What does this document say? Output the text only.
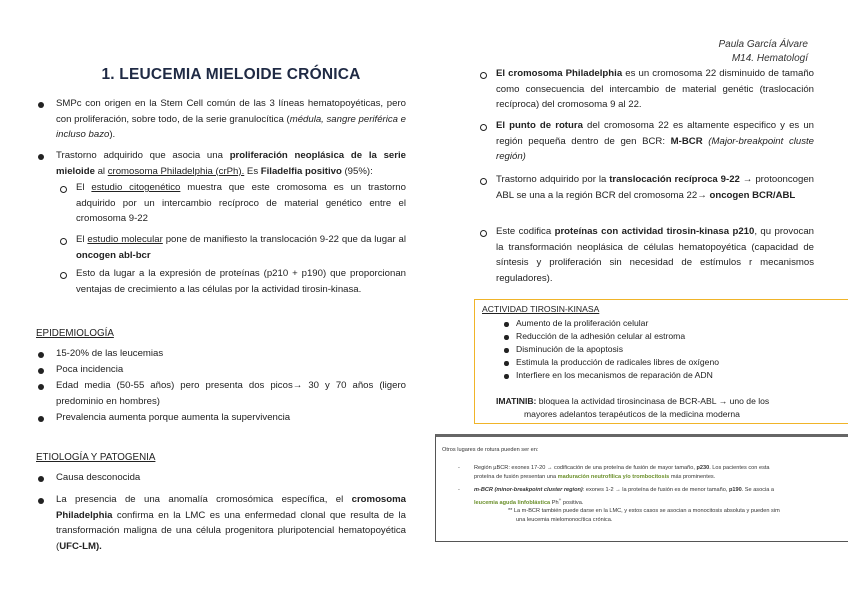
Paula García Álvare
M14. Hematologí
1. LEUCEMIA MIELOIDE CRÓNICA
SMPc con origen en la Stem Cell común de las 3 líneas hematopoyéticas, pero con proliferación, sobre todo, de la serie granulocítica (médula, sangre periférica e incluso bazo).
Trastorno adquirido que asocia una proliferación neoplásica de la serie mieloide al cromosoma Philadelphia (crPh). Es Filadelfia positivo (95%):
El estudio citogenético muestra que este cromosoma es un trastorno adquirido por un intercambio recíproco de material genético entre el cromosoma 9-22
El estudio molecular pone de manifiesto la translocación 9-22 que da lugar al oncogen abl-bcr
Esto da lugar a la expresión de proteínas (p210 + p190) que proporcionan ventajas de crecimiento a las células por la actividad tirosin-kinasa.
EPIDEMIOLOGÍA
15-20% de las leucemias
Poca incidencia
Edad media (50-55 años) pero presenta dos picos→ 30 y 70 años (ligero predominio en hombres)
Prevalencia aumenta porque aumenta la supervivencia
ETIOLOGÍA Y PATOGENIA
Causa desconocida
La presencia de una anomalía cromosómica específica, el cromosoma Philadelphia confirma en la LMC es una enfermedad clonal que resulta de la transformación maligna de una célula progenitora pluripotencial hematopoyética (UFC-LM).
El cromosoma Philadelphia es un cromosoma 22 disminuido de tamaño como consecuencia del intercambio de material genétic (traslocación recíproca) del cromosoma 9 al 22.
El punto de rotura del cromosoma 22 es altamente especifico y es un región pequeña dentro de gen BCR: M-BCR (Major-breakpoint cluste región)
Trastorno adquirido por la translocación recíproca 9-22 → protooncogen ABL se una a la región BCR del cromosoma 22→ oncogen BCR/ABL
Este codifica proteínas con actividad tirosin-kinasa p210, qu provocan la transformación neoplásica de células hematopoyética (capacidad de síntesis y proliferación sin necesidad de estímulos r mecanismos reguladores).
ACTIVIDAD TIROSIN-KINASA
Aumento de la proliferación celular
Reducción de la adhesión celular al estroma
Disminución de la apoptosis
Estimula la producción de radicales libres de oxígeno
Interfiere en los mecanismos de reparación de ADN
IMATINIB: bloquea la actividad tirosincinasa de BCR-ABL → uno de los
mayores adelantos terapéuticos de la medicina moderna
Otros lugares de rotura pueden ser en:
-	Región µBCR: exones 17-20 → codificación de una proteína de fusión de mayor tamaño, p230. Los pacientes con esta
proteína de fusión presentan una maduración neutrofílica y/o trombocitosis más prominentes.
-	m-BCR (minor-breakpoint cluster region): exones 1-2 → la proteína de fusión es de menor tamaño, p190. Se asocia a
leucemia aguda linfoblástica Ph+ positiva.
** La m-BCR también puede darse en la LMC, y estos casos se asocian a monocitosis absoluta y pueden sim
una leucemia mielomonocítica crónica.
